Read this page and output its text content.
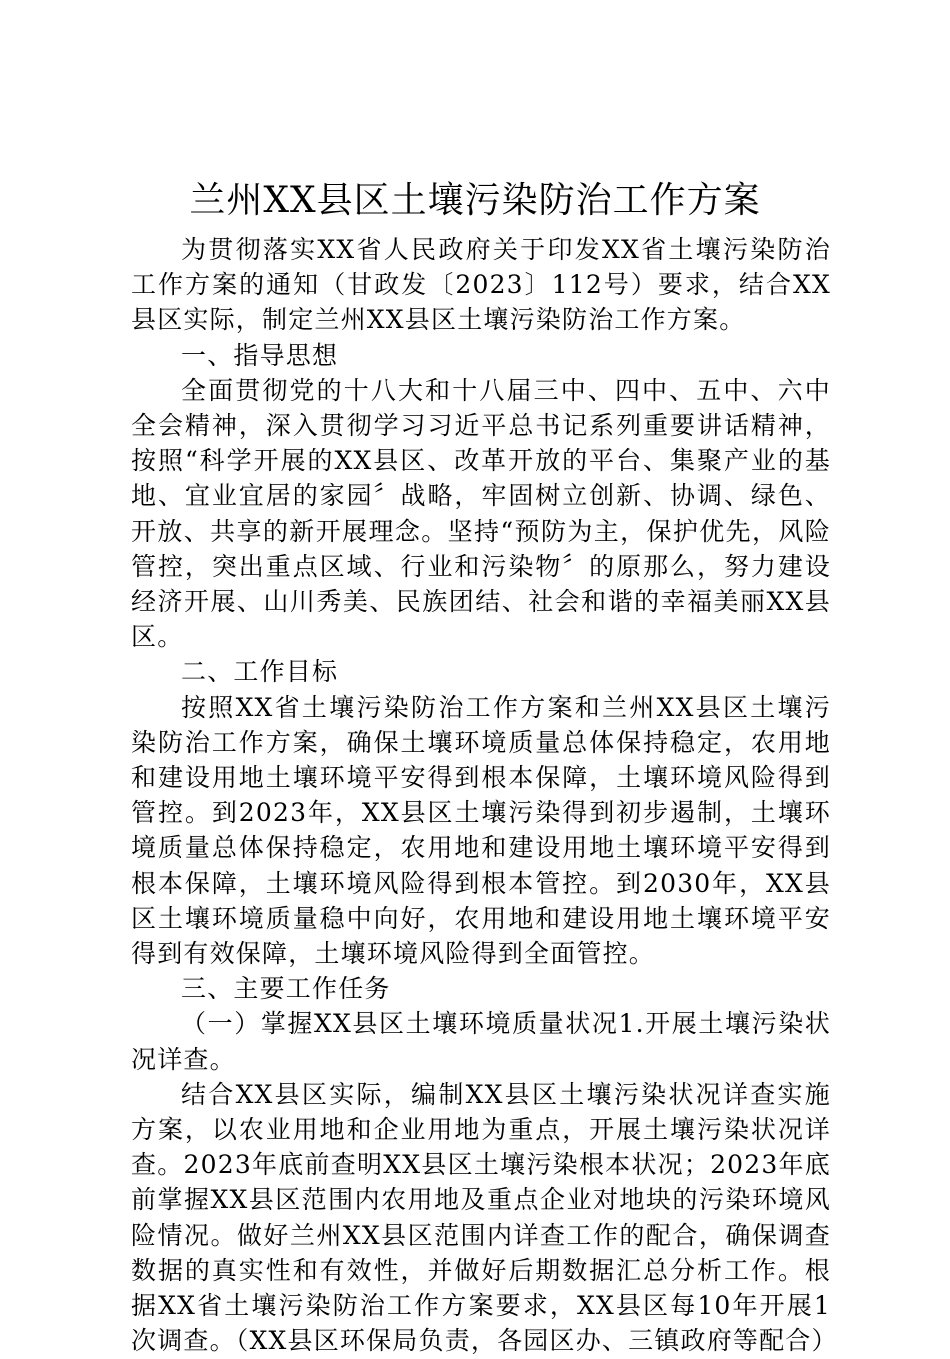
兰州XX县区土壤污染防治工作方案

为贯彻落实XX省人民政府关于印发XX省土壤污染防治工作方案的通知（甘政发〔2023〕112号）要求，结合XX县区实际，制定兰州XX县区土壤污染防治工作方案。

一、指导思想

全面贯彻党的十八大和十八届三中、四中、五中、六中全会精神，深入贯彻学习习近平总书记系列重要讲话精神，按照“科学开展的XX县区、改革开放的平台、集聚产业的基地、宜业宜居的家园〞战略，牢固树立创新、协调、绿色、开放、共享的新开展理念。坚持“预防为主，保护优先，风险管控，突出重点区域、行业和污染物〞的原那么，努力建设经济开展、山川秀美、民族团结、社会和谐的幸福美丽XX县区。

二、工作目标

按照XX省土壤污染防治工作方案和兰州XX县区土壤污染防治工作方案，确保土壤环境质量总体保持稳定，农用地和建设用地土壤环境平安得到根本保障，土壤环境风险得到管控。到2023年，XX县区土壤污染得到初步遏制，土壤环境质量总体保持稳定，农用地和建设用地土壤环境平安得到根本保障，土壤环境风险得到根本管控。到2030年，XX县区土壤环境质量稳中向好，农用地和建设用地土壤环境平安得到有效保障，土壤环境风险得到全面管控。

三、主要工作任务

（一）掌握XX县区土壤环境质量状况1.开展土壤污染状况详查。

结合XX县区实际，编制XX县区土壤污染状况详查实施方案，以农业用地和企业用地为重点，开展土壤污染状况详查。2023年底前查明XX县区土壤污染根本状况；2023年底前掌握XX县区范围内农用地及重点企业对地块的污染环境风险情况。做好兰州XX县区范围内详查工作的配合，确保调查数据的真实性和有效性，并做好后期数据汇总分析工作。根据XX省土壤污染防治工作方案要求，XX县区每10年开展1次调查。（XX县区环保局负责，各园区办、三镇政府等配合）
